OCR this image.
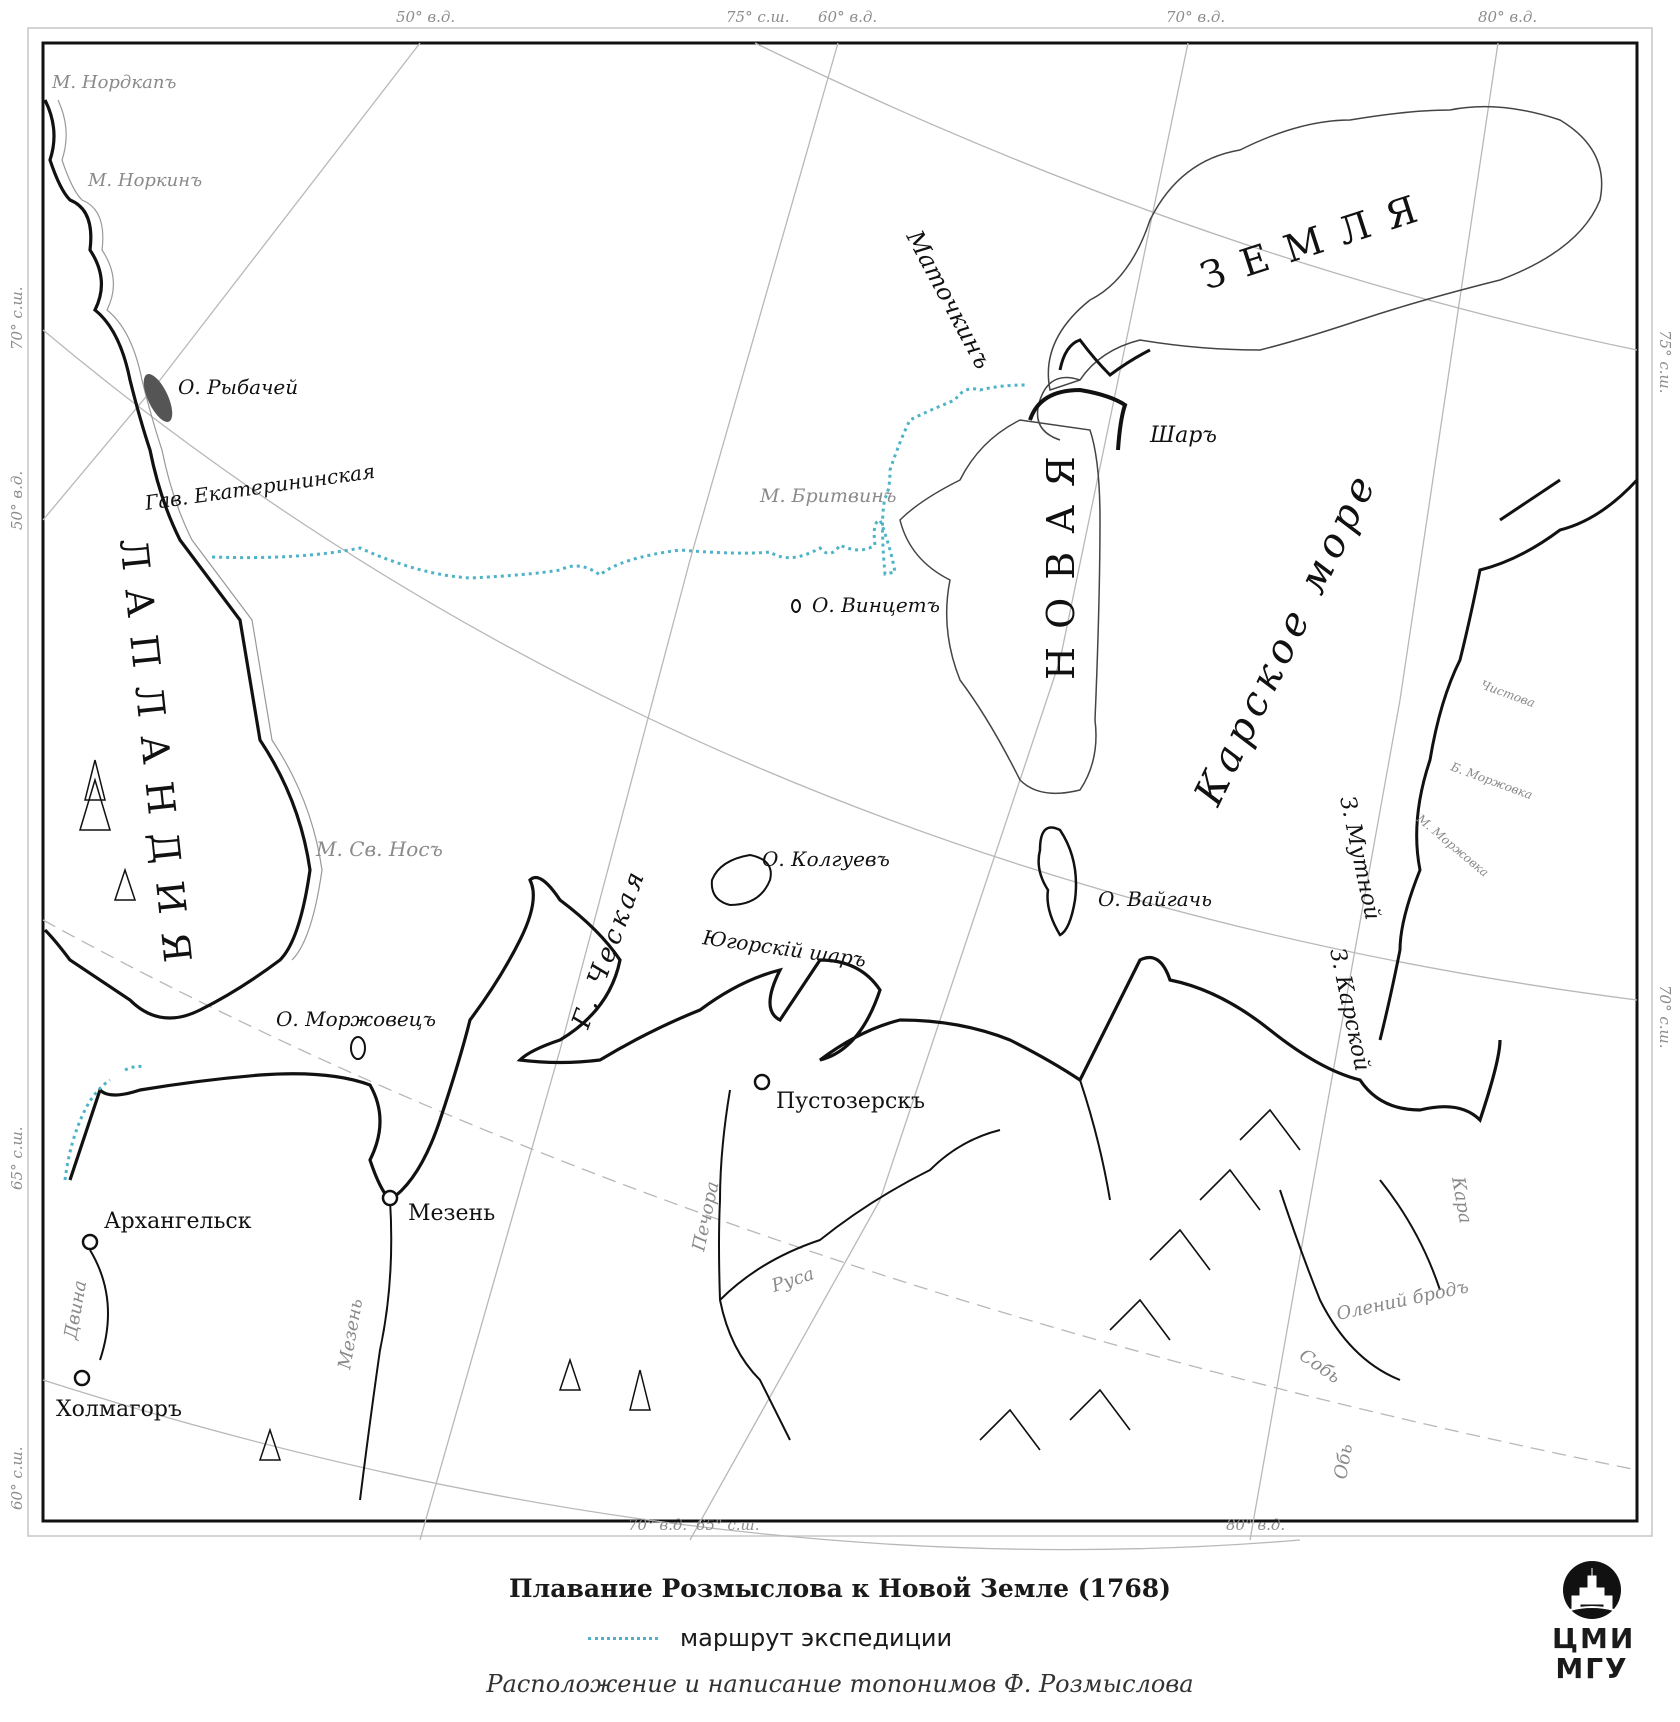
М. Нордкапъ
М. Норкинъ
О. Рыбачей
Гав. Екатерининская
ЛАПЛАНДИЯ	М. Св. Носъ
О. Моржовецъ
Архангельск
Двина
Холмагоръ
Мезень
Мезень
Г. Ческая
О. Колгуевъ
Югорскій шаръ
Пустозерскъ
Печора
Руса
О. Вайгачь
М. Бритвинъ
О. Винцетъ
Маточкинъ
Шаръ
НОВАЯ
ЗЕМЛЯ
Карское море	Чистова
Б. Моржовка
М. Моржовка
З. Мутной
З. Карской
Кара
Олений бродъ
Собь
Обь
50° в.д.	75° с.ш. 60° в.д.	70° в.д.	80° в.д.
70° с.ш.
50° в.д.
65° с.ш.
60° с.ш.
75° с.ш.
70° с.ш.
70° в.д. 65° с.ш.	80° в.д.
Плавание Розмыслова к Новой Земле (1768)
маршрут экспедиции
Расположение и написание топонимов Ф. Розмыслова
ЦМИ
МГУ
